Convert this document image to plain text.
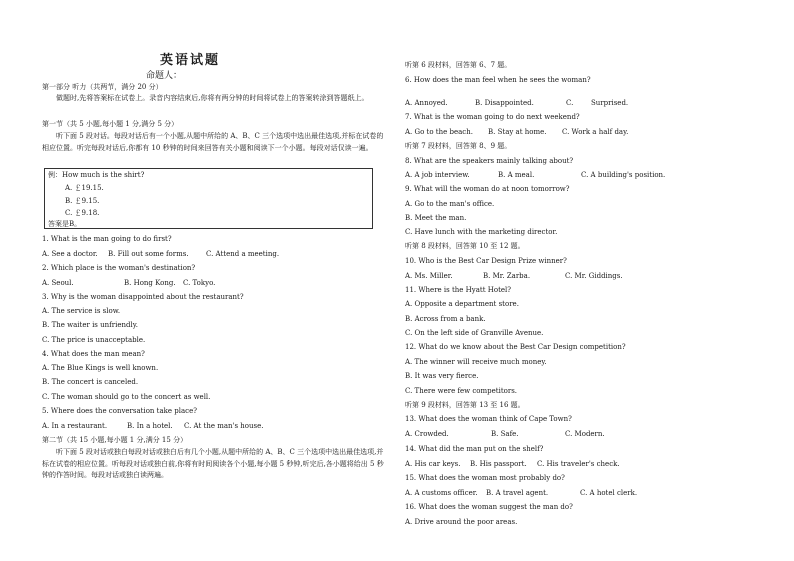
英语试题
命题人：
第一部分 听力（共两节，满分 20 分）
做题时,先将答案标在试卷上。录音内容结束后,你将有两分钟的时间将试卷上的答案转涂到答题纸上。
第一节（共 5 小题,每小题 1 分,满分 5 分）
听下面 5 段对话。每段对话后有一个小题,从题中所给的 A、B、C 三个选项中选出最佳选项,并标在试卷的相应位置。听完每段对话后,你都有 10 秒钟的时间来回答有关小题和阅读下一个小题。每段对话仅读一遍。
例：How much is the shirt?
A. ￡19.15.
B. ￡9.15.
C. ￡9.18.
答案是B。
1. What is the man going to do first?
A. See a doctor. B. Fill out some forms. C. Attend a meeting.
2. Which place is the woman's destination?
A. Seoul.	B. Hong Kong. C. Tokyo.
3. Why is the woman disappointed about the restaurant?
A. The service is slow.
B. The waiter is unfriendly.
C. The price is unacceptable.
4. What does the man mean?
A. The Blue Kings is well known.
B. The concert is canceled.
C. The woman should go to the concert as well.
5. Where does the conversation take place?
A. In a restaurant.	B. In a hotel. C. At the man's house.
第二节（共 15 小题,每小题 1 分,满分 15 分）
听下面 5 段对话或独白每段对话或独白后有几个小题,从题中所给的 A、B、C 三个选项中选出最佳选项,并标在试卷的相应位置。听每段对话或独白前,你将有时间阅读各个小题,每小题 5 秒钟,听完后,各小题将给出 5 秒钟的作答时间。每段对话或独白读两遍。
听第 6 段材料，回答第 6、7 题。
6. How does the man feel when he sees the woman?
A. Annoyed.	B. Disappointed.	C.	Surprised.
7. What is the woman going to do next weekend?
A. Go to the beach. B. Stay at home. C. Work a half day.
听第 7 段材料，回答第 8、9 题。
8. What are the speakers mainly talking about?
A. A job interview.	B. A meal.	C. A building's position.
9. What will the woman do at noon tomorrow?
A. Go to the man's office.
B. Meet the man.
C. Have lunch with the marketing director.
听第 8 段材料，回答第 10 至 12 题。
10. Who is the Best Car Design Prize winner?
A. Ms. Miller.	B. Mr. Zarba.	C. Mr. Giddings.
11. Where is the Hyatt Hotel?
A. Opposite a department store.
B. Across from a bank.
C. On the left side of Granville Avenue.
12. What do we know about the Best Car Design competition?
A. The winner will receive much money.
B. It was very fierce.
C. There were few competitors.
听第 9 段材料，回答第 13 至 16 题。
13. What does the woman think of Cape Town?
A. Crowded.	B. Safe.	C. Modern.
14. What did the man put on the shelf?
A. His car keys. B. His passport. C. His traveler's check.
15. What does the woman most probably do?
A. A customs officer. B. A travel agent.	C. A hotel clerk.
16. What does the woman suggest the man do?
A. Drive around the poor areas.
